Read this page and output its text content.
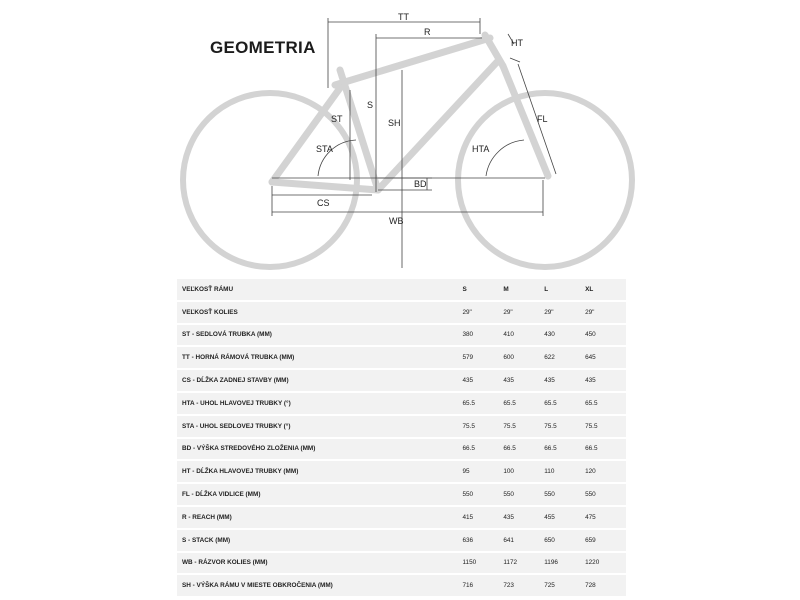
GEOMETRIA
TT
R
HT
S
ST	SH	FL
STA	HTA
BD
CS
WB
VEĽKOSŤ RÁMU	S	M	L	XL
VEĽKOSŤ KOLIES	29"	29"	29"	29"
ST - SEDLOVÁ TRUBKA (MM)	380	410	430	450
TT - HORNÁ RÁMOVÁ TRUBKA (MM)	579	600	622	645
CS - DĹŽKA ZADNEJ STAVBY (MM)	435	435	435	435
HTA - UHOL HLAVOVEJ TRUBKY (°)	65.5	65.5	65.5	65.5
STA - UHOL SEDLOVEJ TRUBKY (°)	75.5	75.5	75.5	75.5
BD - VÝŠKA STREDOVÉHO ZLOŽENIA (MM)	66.5	66.5	66.5	66.5
HT - DĹŽKA HLAVOVEJ TRUBKY (MM)	95	100	110	120
FL - DĹŽKA VIDLICE (MM)	550	550	550	550
R - REACH (MM)	415	435	455	475
S - STACK (MM)	636	641	650	659
WB - RÁZVOR KOLIES (MM)	1150	1172	1196	1220
SH - VÝŠKA RÁMU V MIESTE OBKROČENIA (MM)	716	723	725	728
